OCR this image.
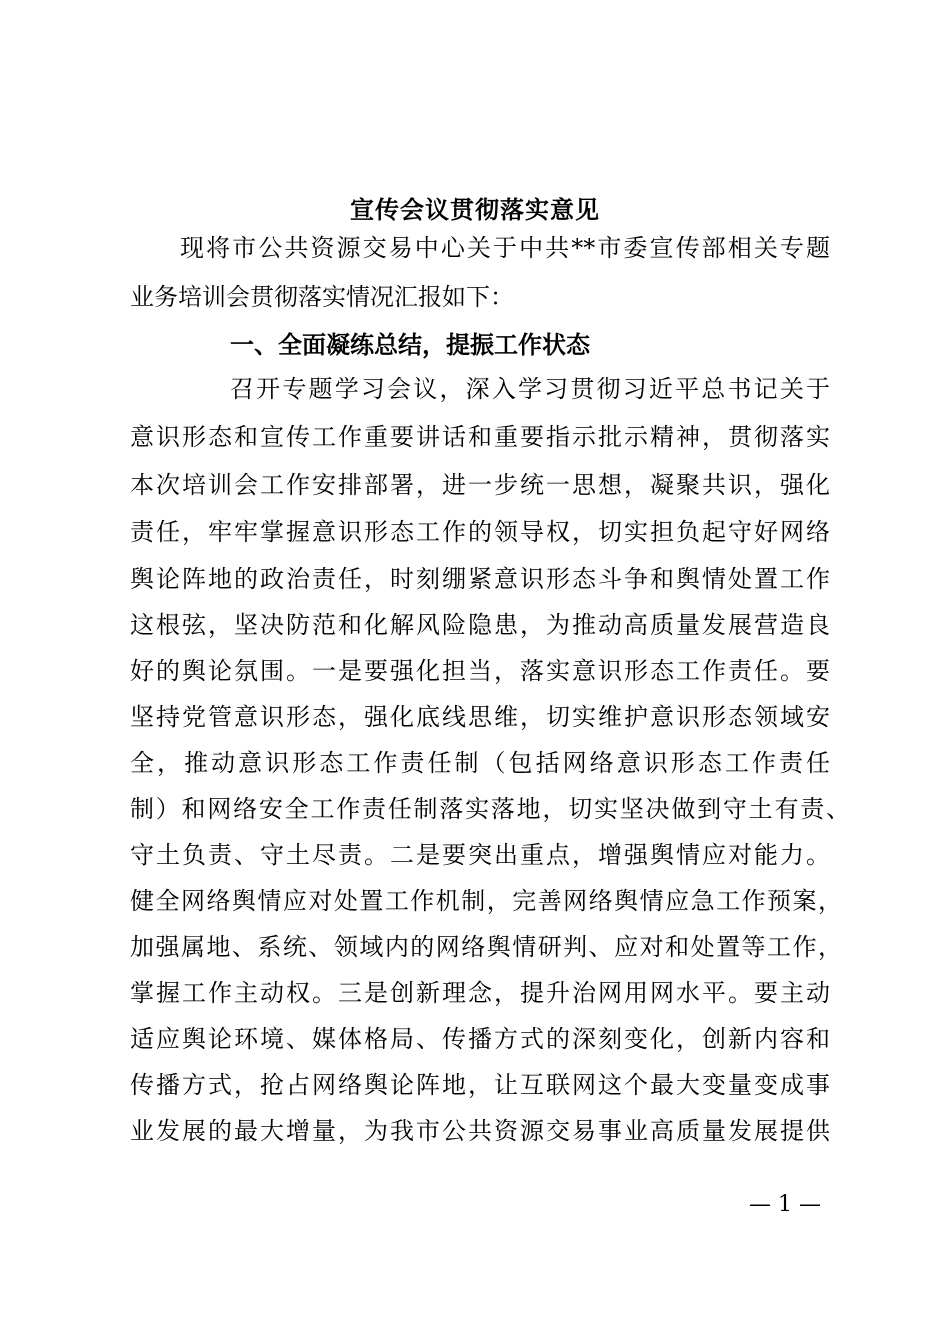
宣传会议贯彻落实意见
现将市公共资源交易中心关于中共**市委宣传部相关专题
业务培训会贯彻落实情况汇报如下：
一、全面凝练总结，提振工作状态
召开专题学习会议，深入学习贯彻习近平总书记关于
意识形态和宣传工作重要讲话和重要指示批示精神，贯彻落实
本次培训会工作安排部署，进一步统一思想，凝聚共识，强化
责任，牢牢掌握意识形态工作的领导权，切实担负起守好网络
舆论阵地的政治责任，时刻绷紧意识形态斗争和舆情处置工作
这根弦，坚决防范和化解风险隐患，为推动高质量发展营造良
好的舆论氛围。一是要强化担当，落实意识形态工作责任。要
坚持党管意识形态，强化底线思维，切实维护意识形态领域安
全，推动意识形态工作责任制（包括网络意识形态工作责任
制）和网络安全工作责任制落实落地，切实坚决做到守土有责、
守土负责、守土尽责。二是要突出重点，增强舆情应对能力。
健全网络舆情应对处置工作机制，完善网络舆情应急工作预案，
加强属地、系统、领域内的网络舆情研判、应对和处置等工作，
掌握工作主动权。三是创新理念，提升治网用网水平。要主动
适应舆论环境、媒体格局、传播方式的深刻变化，创新内容和
传播方式，抢占网络舆论阵地，让互联网这个最大变量变成事
业发展的最大增量，为我市公共资源交易事业高质量发展提供
— 1 —
